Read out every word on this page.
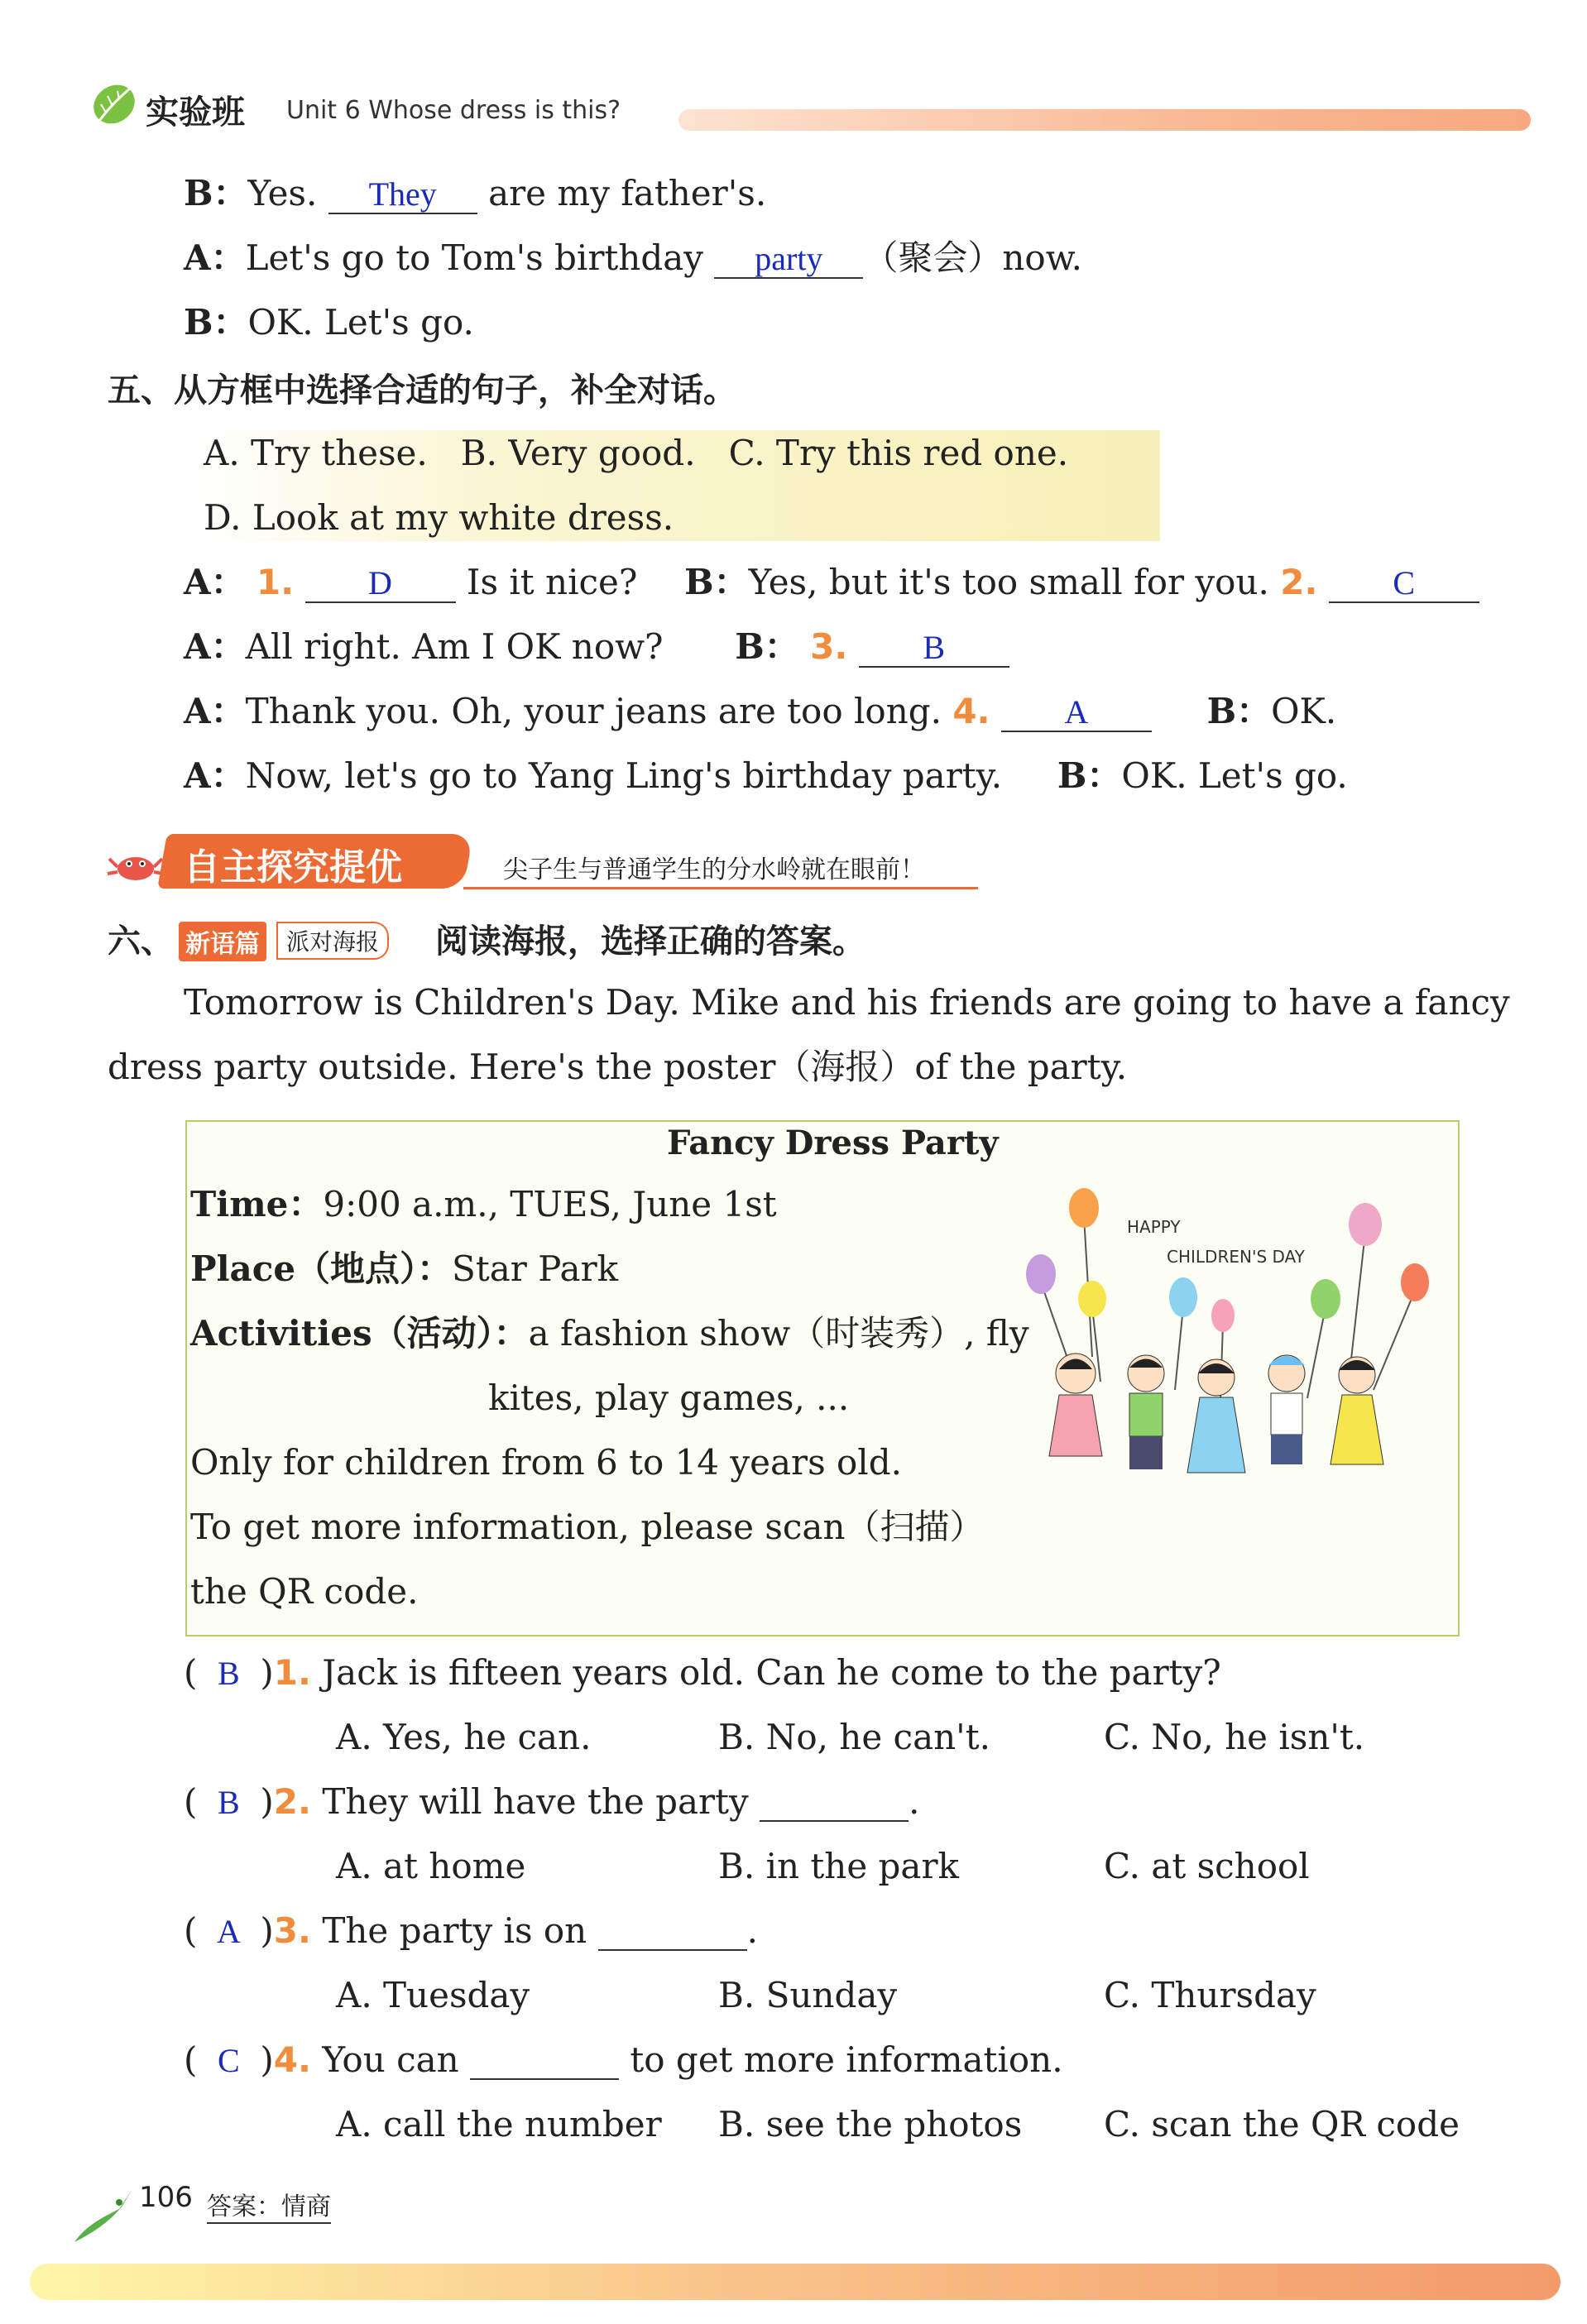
实验班 Unit 6 Whose dress is this?
B：Yes. They are my father's.
A：Let's go to Tom's birthday party （聚会）now.
B：OK. Let's go.
五、从方框中选择合适的句子，补全对话。
A. Try these.   B. Very good.   C. Try this red one.
D. Look at my white dress.
A： 1. D Is it nice? B：Yes, but it's too small for you. 2. C
A：All right. Am I OK now? B： 3. B
A：Thank you. Oh, your jeans are too long. 4. A	B：OK.
A：Now, let's go to Yang Ling's birthday party. B：OK. Let's go.
自主探究提优	尖子生与普通学生的分水岭就在眼前！
六、 新语篇	派对海报	阅读海报，选择正确的答案。
Tomorrow is Children's Day. Mike and his friends are going to have a fancy
dress party outside. Here's the poster（海报）of the party.
Fancy Dress Party
Time：9:00 a.m., TUES, June 1st
Place（地点）：Star Park
Activities（活动）：a fashion show（时装秀）, fly
kites, play games, ...
Only for children from 6 to 14 years old.
To get more information, please scan（扫描）
the QR code.
HAPPY
CHILDREN'S DAY
( B )1. Jack is fifteen years old. Can he come to the party?
A. Yes, he can.	B. No, he can't.	C. No, he isn't.
( B )2. They will have the party	.
A. at home	B. in the park	C. at school
( A )3. The party is on	.
A. Tuesday	B. Sunday	C. Thursday
( C )4. You can	to get more information.
A. call the number B. see the photos C. scan the QR code
106 答案：情商
